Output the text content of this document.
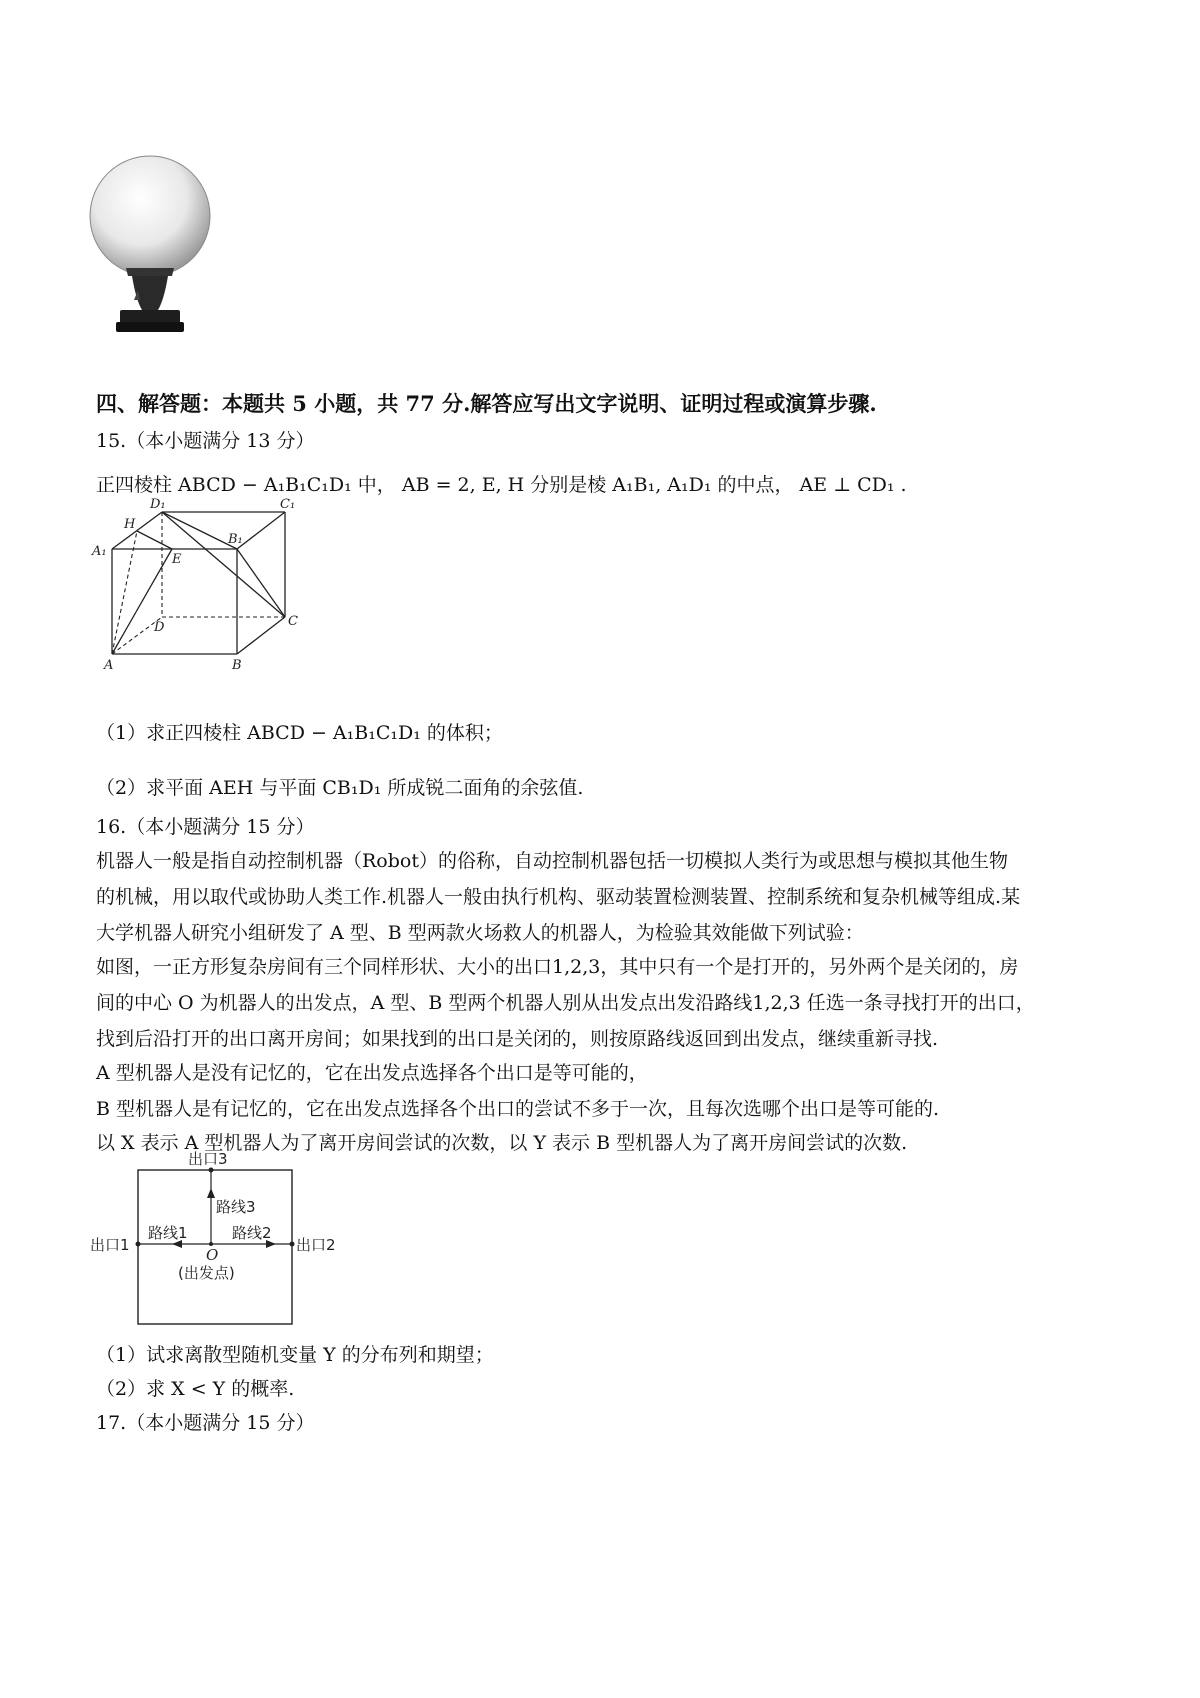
四、解答题：本题共 5 小题，共 77 分.解答应写出文字说明、证明过程或演算步骤.
15.（本小题满分 13 分）
正四棱柱 ABCD − A₁B₁C₁D₁ 中， AB = 2, E, H 分别是棱 A₁B₁, A₁D₁ 的中点， AE ⊥ CD₁ .
D₁	C₁
H
B₁
A₁
E
D	C
A	B
（1）求正四棱柱 ABCD − A₁B₁C₁D₁ 的体积；
（2）求平面 AEH 与平面 CB₁D₁ 所成锐二面角的余弦值.
16.（本小题满分 15 分）
机器人一般是指自动控制机器（Robot）的俗称，自动控制机器包括一切模拟人类行为或思想与模拟其他生物
的机械，用以取代或协助人类工作.机器人一般由执行机构、驱动装置检测装置、控制系统和复杂机械等组成.某
大学机器人研究小组研发了 A 型、B 型两款火场救人的机器人，为检验其效能做下列试验：
如图，一正方形复杂房间有三个同样形状、大小的出口1,2,3，其中只有一个是打开的，另外两个是关闭的，房
间的中心 O 为机器人的出发点，A 型、B 型两个机器人别从出发点出发沿路线1,2,3 任选一条寻找打开的出口，
找到后沿打开的出口离开房间；如果找到的出口是关闭的，则按原路线返回到出发点，继续重新寻找.
A 型机器人是没有记忆的，它在出发点选择各个出口是等可能的，
B 型机器人是有记忆的，它在出发点选择各个出口的尝试不多于一次，且每次选哪个出口是等可能的.
以 X 表示 A 型机器人为了离开房间尝试的次数，以 Y 表示 B 型机器人为了离开房间尝试的次数.
出口3
路线3
路线1	路线2
出口1	出口2
O
(出发点)
（1）试求离散型随机变量 Y 的分布列和期望；
（2）求 X < Y 的概率.
17.（本小题满分 15 分）
